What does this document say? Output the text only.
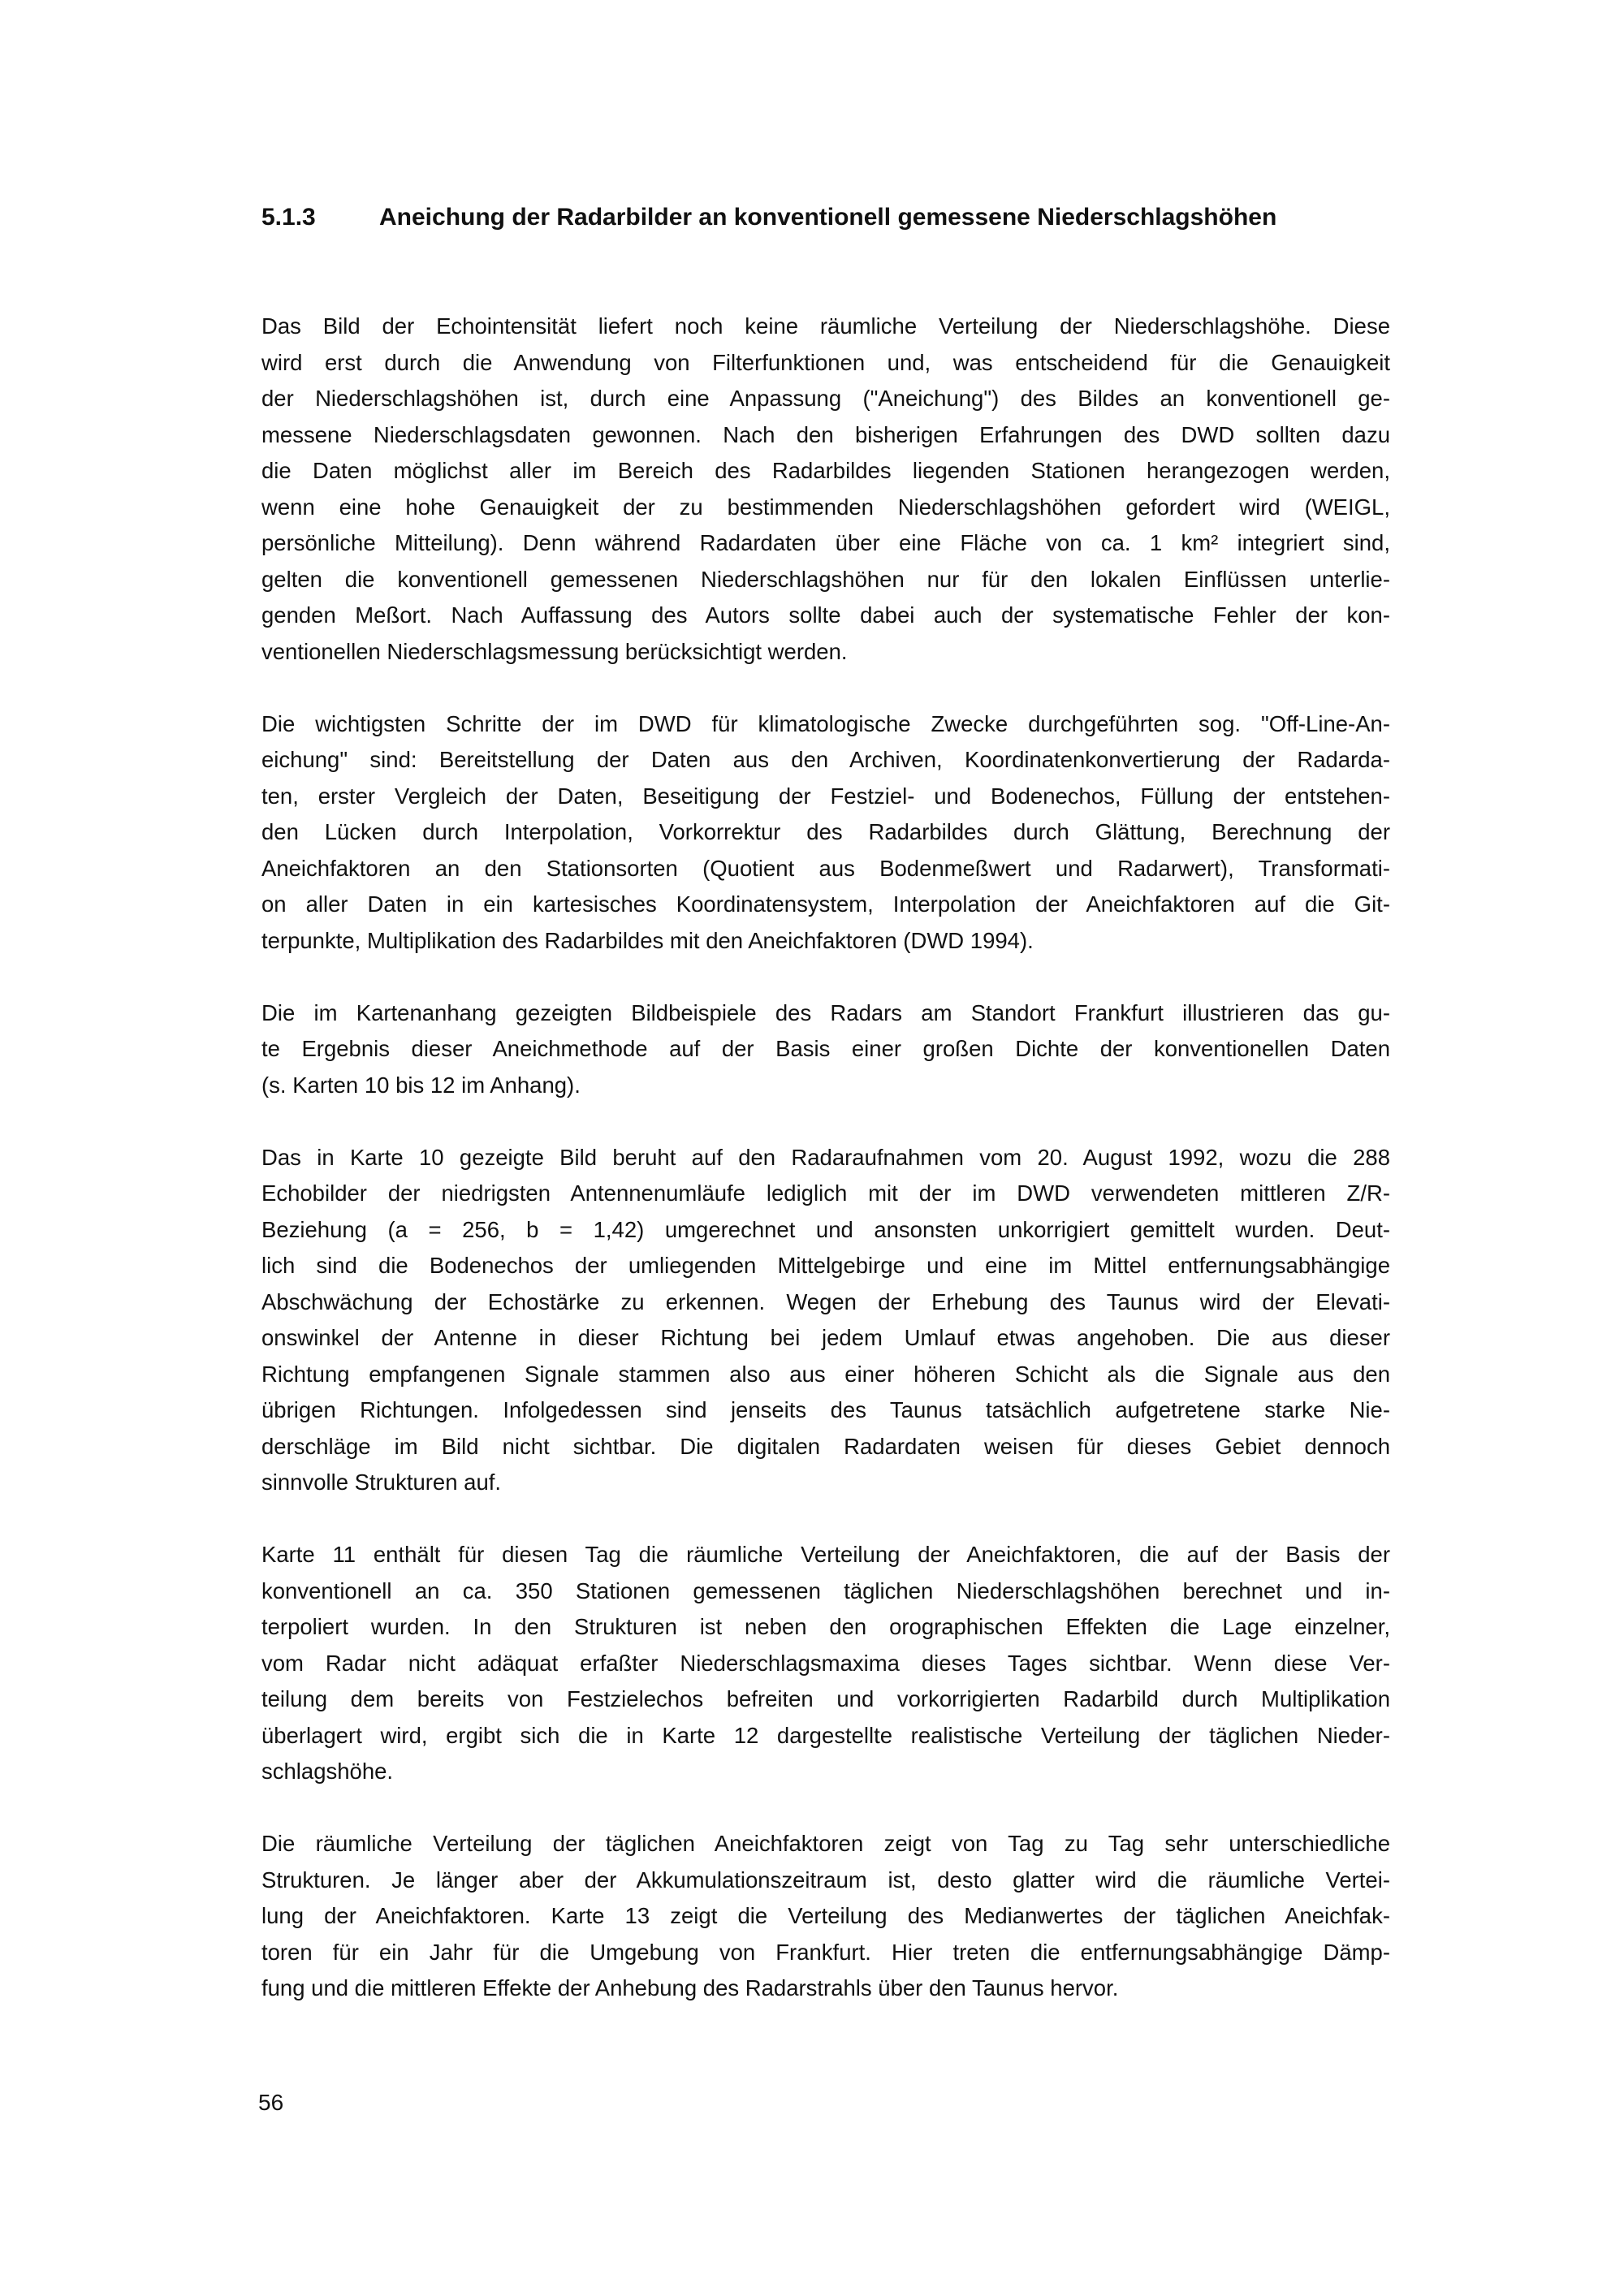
5.1.3	Aneichung der Radarbilder an konventionell gemessene Niederschlagshöhen
Das Bild der Echointensität liefert noch keine räumliche Verteilung der Niederschlagshöhe. Diese
wird erst durch die Anwendung von Filterfunktionen und, was entscheidend für die Genauigkeit
der Niederschlagshöhen ist, durch eine Anpassung ("Aneichung") des Bildes an konventionell ge-
messene Niederschlagsdaten gewonnen. Nach den bisherigen Erfahrungen des DWD sollten dazu
die Daten möglichst aller im Bereich des Radarbildes liegenden Stationen herangezogen werden,
wenn eine hohe Genauigkeit der zu bestimmenden Niederschlagshöhen gefordert wird (WEIGL,
persönliche Mitteilung). Denn während Radardaten über eine Fläche von ca. 1 km² integriert sind,
gelten die konventionell gemessenen Niederschlagshöhen nur für den lokalen Einflüssen unterlie-
genden Meßort. Nach Auffassung des Autors sollte dabei auch der systematische Fehler der kon-
ventionellen Niederschlagsmessung berücksichtigt werden.
Die wichtigsten Schritte der im DWD für klimatologische Zwecke durchgeführten sog. "Off-Line-An-
eichung" sind: Bereitstellung der Daten aus den Archiven, Koordinatenkonvertierung der Radarda-
ten, erster Vergleich der Daten, Beseitigung der Festziel- und Bodenechos, Füllung der entstehen-
den Lücken durch Interpolation, Vorkorrektur des Radarbildes durch Glättung, Berechnung der
Aneichfaktoren an den Stationsorten (Quotient aus Bodenmeßwert und Radarwert), Transformati-
on aller Daten in ein kartesisches Koordinatensystem, Interpolation der Aneichfaktoren auf die Git-
terpunkte, Multiplikation des Radarbildes mit den Aneichfaktoren (DWD 1994).
Die im Kartenanhang gezeigten Bildbeispiele des Radars am Standort Frankfurt illustrieren das gu-
te Ergebnis dieser Aneichmethode auf der Basis einer großen Dichte der konventionellen Daten
(s. Karten 10 bis 12 im Anhang).
Das in Karte 10 gezeigte Bild beruht auf den Radaraufnahmen vom 20. August 1992, wozu die 288
Echobilder der niedrigsten Antennenumläufe lediglich mit der im DWD verwendeten mittleren Z/R-
Beziehung (a = 256, b = 1,42) umgerechnet und ansonsten unkorrigiert gemittelt wurden. Deut-
lich sind die Bodenechos der umliegenden Mittelgebirge und eine im Mittel entfernungsabhängige
Abschwächung der Echostärke zu erkennen. Wegen der Erhebung des Taunus wird der Elevati-
onswinkel der Antenne in dieser Richtung bei jedem Umlauf etwas angehoben. Die aus dieser
Richtung empfangenen Signale stammen also aus einer höheren Schicht als die Signale aus den
übrigen Richtungen. Infolgedessen sind jenseits des Taunus tatsächlich aufgetretene starke Nie-
derschläge im Bild nicht sichtbar. Die digitalen Radardaten weisen für dieses Gebiet dennoch
sinnvolle Strukturen auf.
Karte 11 enthält für diesen Tag die räumliche Verteilung der Aneichfaktoren, die auf der Basis der
konventionell an ca. 350 Stationen gemessenen täglichen Niederschlagshöhen berechnet und in-
terpoliert wurden. In den Strukturen ist neben den orographischen Effekten die Lage einzelner,
vom Radar nicht adäquat erfaßter Niederschlagsmaxima dieses Tages sichtbar. Wenn diese Ver-
teilung dem bereits von Festzielechos befreiten und vorkorrigierten Radarbild durch Multiplikation
überlagert wird, ergibt sich die in Karte 12 dargestellte realistische Verteilung der täglichen Nieder-
schlagshöhe.
Die räumliche Verteilung der täglichen Aneichfaktoren zeigt von Tag zu Tag sehr unterschiedliche
Strukturen. Je länger aber der Akkumulationszeitraum ist, desto glatter wird die räumliche Vertei-
lung der Aneichfaktoren. Karte 13 zeigt die Verteilung des Medianwertes der täglichen Aneichfak-
toren für ein Jahr für die Umgebung von Frankfurt. Hier treten die entfernungsabhängige Dämp-
fung und die mittleren Effekte der Anhebung des Radarstrahls über den Taunus hervor.
56
